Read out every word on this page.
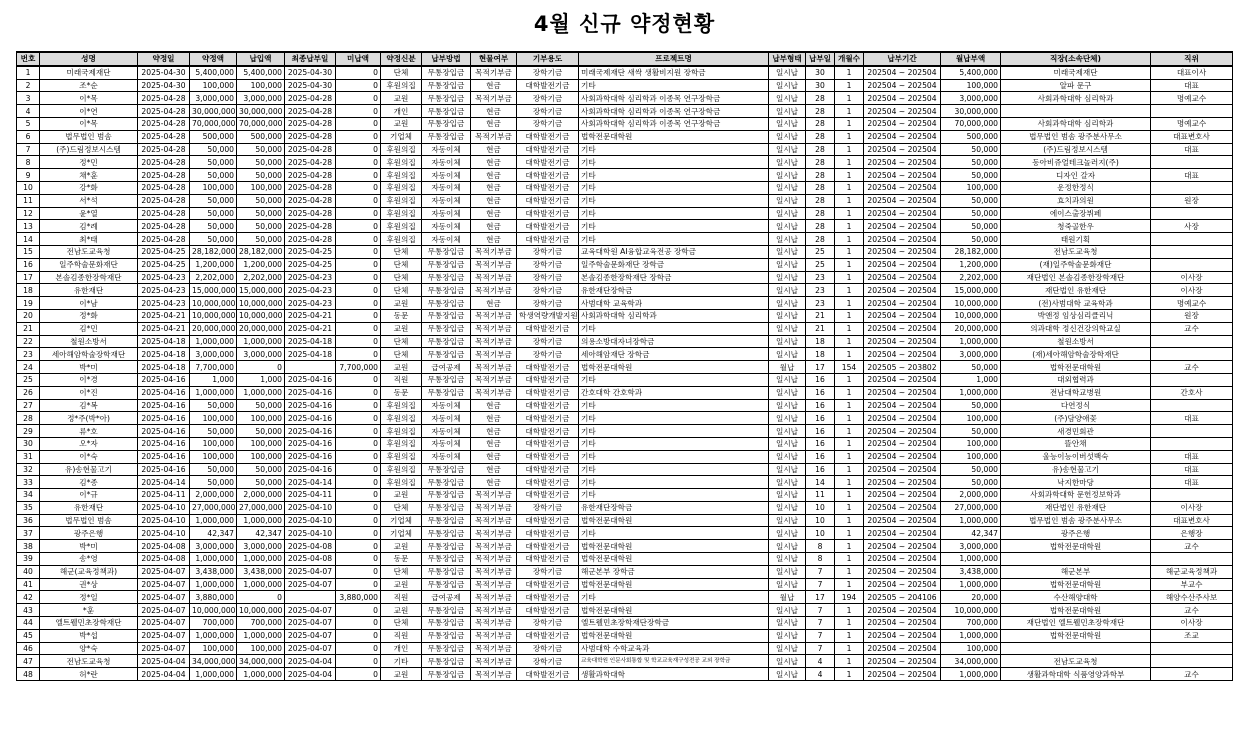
4월 신규 약정현황
번호	성명	약정일	약정액	납입액	최종납부일	미납액	약정신분	납부방법	현물여부	기부용도	프로젝트명	납부형태	납부일	개월수	납부기간	월납부액	직장(소속단체)	직위
1	미래국제재단	2025-04-30	5,400,000	5,400,000	2025-04-30	0	단체	무통장입금	목적기부금	장학기금	미래국제재단 새싹 생활비지원 장학금	일시납	30	1	202504 ~ 202504	5,400,000	미래국제재단	대표이사
2	조*순	2025-04-30	100,000	100,000	2025-04-30	0	후원의집	무통장입금	현금	대학발전기금	기타	일시납	30	1	202504 ~ 202504	100,000	알파 문구	대표
3	이*목	2025-04-28	3,000,000	3,000,000	2025-04-28	0	교원	무통장입금	목적기부금	장학기금	사회과학대학 심리학과 이종목 연구장학금	일시납	28	1	202504 ~ 202504	3,000,000	사회과학대학 심리학과	명예교수
4	이*연	2025-04-28	30,000,000	30,000,000	2025-04-28	0	개인	무통장입금	현금	장학기금	사회과학대학 심리학과 이종목 연구장학금	일시납	28	1	202504 ~ 202504	30,000,000		
5	이*목	2025-04-28	70,000,000	70,000,000	2025-04-28	0	교원	무통장입금	현금	장학기금	사회과학대학 심리학과 이종목 연구장학금	일시납	28	1	202504 ~ 202504	70,000,000	사회과학대학 심리학과	명예교수
6	법무법인 범솜	2025-04-28	500,000	500,000	2025-04-28	0	기업체	무통장입금	목적기부금	대학발전기금	법학전문대학원	일시납	28	1	202504 ~ 202504	500,000	법무법인 범솜 광주분사무소	대표변호사
7	(주)드림정보시스템	2025-04-28	50,000	50,000	2025-04-28	0	후원의집	자동이체	현금	대학발전기금	기타	일시납	28	1	202504 ~ 202504	50,000	(주)드림정보시스템	대표
8	정*민	2025-04-28	50,000	50,000	2025-04-28	0	후원의집	자동이체	현금	대학발전기금	기타	일시납	28	1	202504 ~ 202504	50,000	동아비쥬얼테크놀러지(주)	
9	채*훈	2025-04-28	50,000	50,000	2025-04-28	0	후원의집	자동이체	현금	대학발전기금	기타	일시납	28	1	202504 ~ 202504	50,000	디자인 갈자	대표
10	강*화	2025-04-28	100,000	100,000	2025-04-28	0	후원의집	자동이체	현금	대학발전기금	기타	일시납	28	1	202504 ~ 202504	100,000	운정한정식	
11	서*석	2025-04-28	50,000	50,000	2025-04-28	0	후원의집	자동이체	현금	대학발전기금	기타	일시납	28	1	202504 ~ 202504	50,000	효치과의원	원장
12	윤*열	2025-04-28	50,000	50,000	2025-04-28	0	후원의집	자동이체	현금	대학발전기금	기타	일시납	28	1	202504 ~ 202504	50,000	에이스출장뷔페	
13	김*례	2025-04-28	50,000	50,000	2025-04-28	0	후원의집	자동이체	현금	대학발전기금	기타	일시납	28	1	202504 ~ 202504	50,000	청죽골한우	사장
14	최*태	2025-04-28	50,000	50,000	2025-04-28	0	후원의집	자동이체	현금	대학발전기금	기타	일시납	28	1	202504 ~ 202504	50,000	태원기획	
15	전남도교육청	2025-04-25	28,182,000	28,182,000	2025-04-25	0	단체	무통장입금	목적기부금	장학기금	교육대학원 AI융합교육전공 장학금	일시납	25	1	202504 ~ 202504	28,182,000	전남도교육청	
16	일주학술문화재단	2025-04-25	1,200,000	1,200,000	2025-04-25	0	단체	무통장입금	목적기부금	장학기금	일주학술문화재단 장학금	일시납	25	1	202504 ~ 202504	1,200,000	(재)일주학술문화재단	
17	본솔김종한장학재단	2025-04-23	2,202,000	2,202,000	2025-04-23	0	단체	무통장입금	목적기부금	장학기금	본솔김종한장학재단 장학금	일시납	23	1	202504 ~ 202504	2,202,000	재단법인 본솔김종한장학재단	이사장
18	유한재단	2025-04-23	15,000,000	15,000,000	2025-04-23	0	단체	무통장입금	목적기부금	장학기금	유한재단장학금	일시납	23	1	202504 ~ 202504	15,000,000	재단법인 유한재단	이사장
19	이*남	2025-04-23	10,000,000	10,000,000	2025-04-23	0	교원	무통장입금	현금	장학기금	사범대학 교육학과	일시납	23	1	202504 ~ 202504	10,000,000	(전)사범대학 교육학과	명예교수
20	정*화	2025-04-21	10,000,000	10,000,000	2025-04-21	0	동문	무통장입금	목적기부금	학생역량개발지원	사회과학대학 심리학과	일시납	21	1	202504 ~ 202504	10,000,000	박앤정 임상심리클리닉	원장
21	김*민	2025-04-21	20,000,000	20,000,000	2025-04-21	0	교원	무통장입금	목적기부금	대학발전기금	기타	일시납	21	1	202504 ~ 202504	20,000,000	의과대학 정신건강의학교실	교수
22	철원소방서	2025-04-18	1,000,000	1,000,000	2025-04-18	0	단체	무통장입금	목적기부금	장학기금	의용소방대자녀장학금	일시납	18	1	202504 ~ 202504	1,000,000	철원소방서	
23	세아해암학술장학재단	2025-04-18	3,000,000	3,000,000	2025-04-18	0	단체	무통장입금	목적기부금	장학기금	세아해암재단 장학금	일시납	18	1	202504 ~ 202504	3,000,000	(재)세아해암학술장학재단	
24	박*미	2025-04-18	7,700,000	0		7,700,000	교원	급여공제	목적기부금	대학발전기금	법학전문대학원	월납	17	154	202505 ~ 203802	50,000	법학전문대학원	교수
25	이*경	2025-04-16	1,000	1,000	2025-04-16	0	직원	무통장입금	목적기부금	대학발전기금	기타	일시납	16	1	202504 ~ 202504	1,000	대외협력과	
26	이*진	2025-04-16	1,000,000	1,000,000	2025-04-16	0	동문	무통장입금	목적기부금	대학발전기금	간호대학 간호학과	일시납	16	1	202504 ~ 202504	1,000,000	전남대학교병원	간호사
27	김*복	2025-04-16	50,000	50,000	2025-04-16	0	후원의집	자동이체	현금	대학발전기금	기타	일시납	16	1	202504 ~ 202504	50,000	다연정식	
28	정*주(박*아)	2025-04-16	100,000	100,000	2025-04-16	0	후원의집	자동이체	현금	대학발전기금	기타	일시납	16	1	202504 ~ 202504	100,000	(주)담양애꽃	대표
29	류*호	2025-04-16	50,000	50,000	2025-04-16	0	후원의집	자동이체	현금	대학발전기금	기타	일시납	16	1	202504 ~ 202504	50,000	새경민회관	
30	오*자	2025-04-16	100,000	100,000	2025-04-16	0	후원의집	자동이체	현금	대학발전기금	기타	일시납	16	1	202504 ~ 202504	100,000	뜰안채	
31	이*숙	2025-04-16	100,000	100,000	2025-04-16	0	후원의집	자동이체	현금	대학발전기금	기타	일시납	16	1	202504 ~ 202504	100,000	울능이능이버섯백숙	대표
32	유)송현물고기	2025-04-16	50,000	50,000	2025-04-16	0	후원의집	무통장입금	현금	대학발전기금	기타	일시납	16	1	202504 ~ 202504	50,000	유)송현물고기	대표
33	김*종	2025-04-14	50,000	50,000	2025-04-14	0	후원의집	무통장입금	현금	대학발전기금	기타	일시납	14	1	202504 ~ 202504	50,000	낙지한마당	대표
34	이*규	2025-04-11	2,000,000	2,000,000	2025-04-11	0	교원	무통장입금	목적기부금	대학발전기금	기타	일시납	11	1	202504 ~ 202504	2,000,000	사회과학대학 문헌정보학과	
35	유한재단	2025-04-10	27,000,000	27,000,000	2025-04-10	0	단체	무통장입금	목적기부금	장학기금	유한재단장학금	일시납	10	1	202504 ~ 202504	27,000,000	재단법인 유한재단	이사장
36	법무법인 범솜	2025-04-10	1,000,000	1,000,000	2025-04-10	0	기업체	무통장입금	목적기부금	대학발전기금	법학전문대학원	일시납	10	1	202504 ~ 202504	1,000,000	법무법인 범솜 광주분사무소	대표변호사
37	광주은행	2025-04-10	42,347	42,347	2025-04-10	0	기업체	무통장입금	목적기부금	대학발전기금	기타	일시납	10	1	202504 ~ 202504	42,347	광주은행	은행장
38	박*미	2025-04-08	3,000,000	3,000,000	2025-04-08	0	교원	무통장입금	목적기부금	대학발전기금	법학전문대학원	일시납	8	1	202504 ~ 202504	3,000,000	법학전문대학원	교수
39	송*영	2025-04-08	1,000,000	1,000,000	2025-04-08	0	동문	무통장입금	목적기부금	대학발전기금	법학전문대학원	일시납	8	1	202504 ~ 202504	1,000,000		
40	해군(교육정책과)	2025-04-07	3,438,000	3,438,000	2025-04-07	0	단체	무통장입금	목적기부금	장학기금	해군본부 장학금	일시납	7	1	202504 ~ 202504	3,438,000	해군본부	해군교육정책과
41	권*상	2025-04-07	1,000,000	1,000,000	2025-04-07	0	교원	무통장입금	목적기부금	대학발전기금	법학전문대학원	일시납	7	1	202504 ~ 202504	1,000,000	법학전문대학원	부교수
42	정*일	2025-04-07	3,880,000	0		3,880,000	직원	급여공제	목적기부금	대학발전기금	기타	월납	17	194	202505 ~ 204106	20,000	수산해양대학	해양수산주사보
43	*훈	2025-04-07	10,000,000	10,000,000	2025-04-07	0	교원	무통장입금	목적기부금	대학발전기금	법학전문대학원	일시납	7	1	202504 ~ 202504	10,000,000	법학전문대학원	교수
44	엘트웰민초장학재단	2025-04-07	700,000	700,000	2025-04-07	0	단체	무통장입금	목적기부금	장학기금	엘트웰민초장학재단장학금	일시납	7	1	202504 ~ 202504	700,000	재단법인 엘트웰민초장학재단	이사장
45	박*섭	2025-04-07	1,000,000	1,000,000	2025-04-07	0	직원	무통장입금	목적기부금	대학발전기금	법학전문대학원	일시납	7	1	202504 ~ 202504	1,000,000	법학전문대학원	조교
46	양*숙	2025-04-07	100,000	100,000	2025-04-07	0	개인	무통장입금	목적기부금	장학기금	사범대학 수학교육과	일시납	7	1	202504 ~ 202504	100,000		
47	전남도교육청	2025-04-04	34,000,000	34,000,000	2025-04-04	0	기타	무통장입금	목적기부금	장학기금	교육대학원 인문사회통합 및 학교교육재구성전공 교외 장학금	일시납	4	1	202504 ~ 202504	34,000,000	전남도교육청	
48	허*란	2025-04-04	1,000,000	1,000,000	2025-04-04	0	교원	무통장입금	목적기부금	대학발전기금	생활과학대학	일시납	4	1	202504 ~ 202504	1,000,000	생활과학대학 식품영양과학부	교수
